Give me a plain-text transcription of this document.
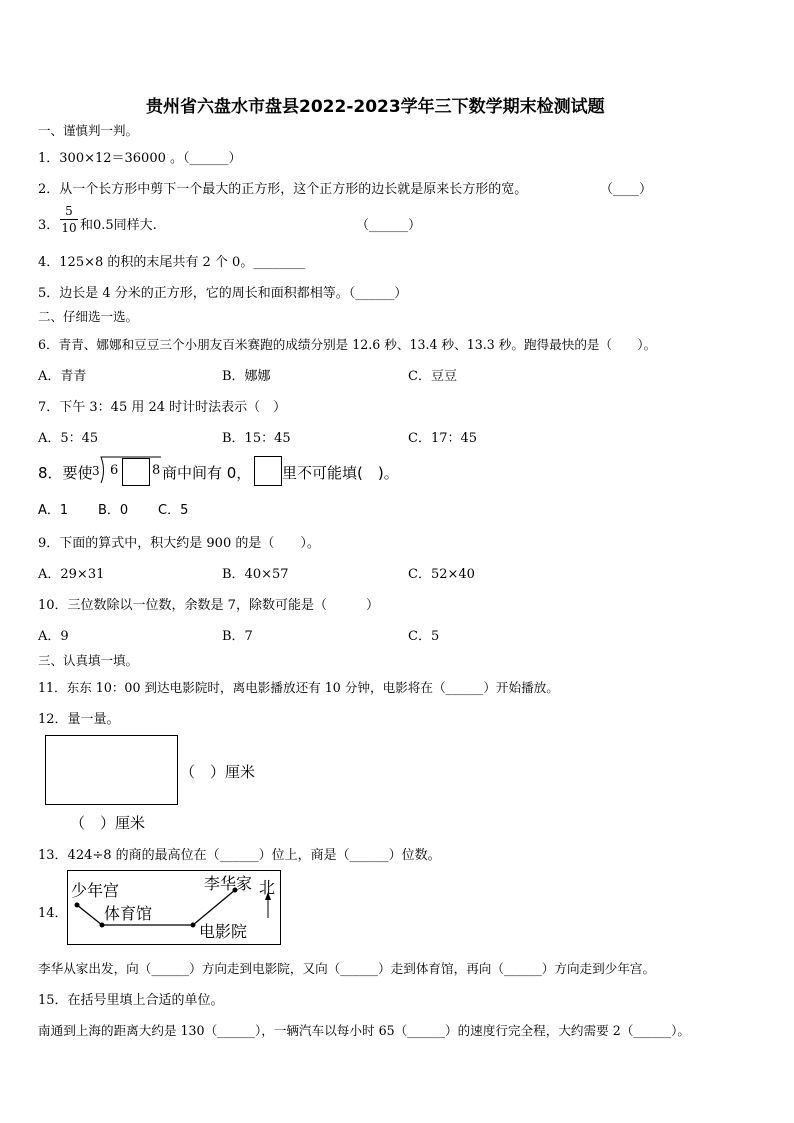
贵州省六盘水市盘县2022-2023学年三下数学期末检测试题
一、谨慎判一判。
1．300×12＝36000 。（______）
2．从一个长方形中剪下一个最大的正方形，这个正方形的边长就是原来长方形的宽。	（____）
3．
5
10 和0.5同样大.	（______）
4．125×8 的积的末尾共有 2 个 0。________
5．边长是 4 分米的正方形，它的周长和面积都相等。（______）
二、仔细选一选。
6．青青、娜娜和豆豆三个小朋友百米赛跑的成绩分别是 12.6 秒、13.4 秒、13.3 秒。跑得最快的是（　　）。
A．青青	B．娜娜	C．豆豆
7．下午 3：45 用 24 时计时法表示（　）
A．5：45	B．15：45	C．17：45
8．要使 3 6	8 商中间有 0， 里不可能填(　)。
A．1 B．0 C．5
9．下面的算式中，积大约是 900 的是（　　）。
A．29×31	B．40×57	C．52×40
10．三位数除以一位数，余数是 7，除数可能是（　　　）
A．9	B．7	C．5
三、认真填一填。
11．东东 10：00 到达电影院时，离电影播放还有 10 分钟，电影将在（______）开始播放。
12．量一量。
（　）厘米
（　）厘米
13．424÷8 的商的最高位在（______）位上，商是（______）位数。
14．
少年宫
体育馆
李华家
电影院
北
李华从家出发，向（______）方向走到电影院，又向（______）走到体育馆，再向（______）方向走到少年宫。
15．在括号里填上合适的单位。
南通到上海的距离大约是 130（______），一辆汽车以每小时 65（______）的速度行完全程，大约需要 2（______）。
